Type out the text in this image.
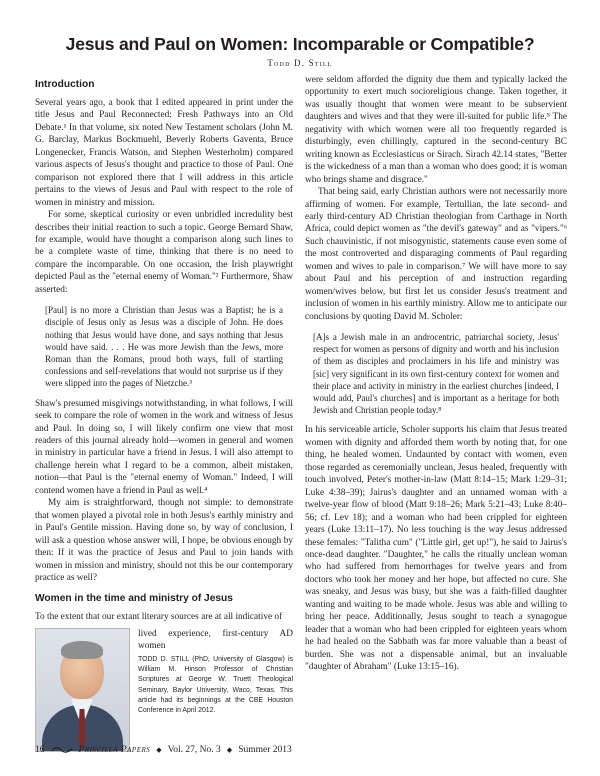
Jesus and Paul on Women: Incomparable or Compatible?
Todd D. Still
Introduction

Several years ago, a book that I edited appeared in print under the title Jesus and Paul Reconnected: Fresh Pathways into an Old Debate.¹ In that volume, six noted New Testament scholars (John M. G. Barclay, Markus Bockmuehl, Beverly Roberts Gaventa, Bruce Longenecker, Francis Watson, and Stephen Westerholm) compared various aspects of Jesus's thought and practice to those of Paul. One comparison not explored there that I will address in this article pertains to the views of Jesus and Paul with respect to the role of women in ministry and mission.

For some, skeptical curiosity or even unbridled incredulity best describes their initial reaction to such a topic. George Bernard Shaw, for example, would have thought a comparison along such lines to be a complete waste of time, thinking that there is no need to compare the incomparable. On one occasion, the Irish playwright depicted Paul as the "eternal enemy of Woman."² Furthermore, Shaw asserted:

[Paul] is no more a Christian than Jesus was a Baptist; he is a disciple of Jesus only as Jesus was a disciple of John. He does nothing that Jesus would have done, and says nothing that Jesus would have said. . . . He was more Jewish than the Jews, more Roman than the Romans, proud both ways, full of startling confessions and self-revelations that would not surprise us if they were slipped into the pages of Nietzche.³

Shaw's presumed misgivings notwithstanding, in what follows, I will seek to compare the role of women in the work and witness of Jesus and Paul. In doing so, I will likely confirm one view that most readers of this journal already hold—women in general and women in ministry in particular have a friend in Jesus. I will also attempt to challenge herein what I regard to be a common, albeit mistaken, notion—that Paul is the "eternal enemy of Woman." Indeed, I will contend women have a friend in Paul as well.⁴

My aim is straightforward, though not simple: to demonstrate that women played a pivotal role in both Jesus's earthly ministry and in Paul's Gentile mission. Having done so, by way of conclusion, I will ask a question whose answer will, I hope, be obvious enough by then: If it was the practice of Jesus and Paul to join hands with women in mission and ministry, should not this be our contemporary practice as well?

Women in the time and ministry of Jesus

To the extent that our extant literary sources are at all indicative of

lived experience, first-century AD women

TODD D. STILL (PhD, University of Glasgow) is William M. Hinson Professor of Christian Scriptures at George W. Truett Theological Seminary, Baylor University, Waco, Texas. This article had its beginnings at the CBE Houston Conference in April 2012.

were seldom afforded the dignity due them and typically lacked the opportunity to exert much socioreligious change. Taken together, it was usually thought that women were meant to be subservient daughters and wives and that they were ill-suited for public life.⁵ The negativity with which women were all too frequently regarded is disturbingly, even chillingly, captured in the second-century BC writing known as Ecclesiasticus or Sirach. Sirach 42.14 states, "Better is the wickedness of a man than a woman who does good; it is woman who brings shame and disgrace."

That being said, early Christian authors were not necessarily more affirming of women. For example, Tertullian, the late second- and early third-century AD Christian theologian from Carthage in North Africa, could depict women as "the devil's gateway" and as "vipers."⁶ Such chauvinistic, if not misogynistic, statements cause even some of the most controverted and disparaging comments of Paul regarding women and wives to pale in comparison.⁷ We will have more to say about Paul and his perception of and instruction regarding women/wives below, but first let us consider Jesus's treatment and inclusion of women in his earthly ministry. Allow me to anticipate our conclusions by quoting David M. Scholer:

[A]s a Jewish male in an androcentric, patriarchal society, Jesus' respect for women as persons of dignity and worth and his inclusion of them as disciples and proclaimers in his life and ministry was [sic] very significant in its own first-century context for women and their place and activity in ministry in the earliest churches [indeed, I would add, Paul's churches] and is important as a heritage for both Jewish and Christian people today.⁸

In his serviceable article, Scholer supports his claim that Jesus treated women with dignity and afforded them worth by noting that, for one thing, he healed women. Undaunted by contact with women, even those regarded as ceremonially unclean, Jesus healed, frequently with touch involved, Peter's mother-in-law (Matt 8:14–15; Mark 1:29–31; Luke 4:38–39); Jairus's daughter and an unnamed woman with a twelve-year flow of blood (Matt 9:18–26; Mark 5:21–43; Luke 8:40–56; cf. Lev 18); and a woman who had been crippled for eighteen years (Luke 13:11–17). No less touching is the way Jesus addressed these females: "Talitha cum" ("Little girl, get up!"), he said to Jairus's once-dead daughter. "Daughter," he calls the ritually unclean woman who had suffered from hemorrhages for twelve years and from doctors who took her money and her hope, but affected no cure. She was sneaky, and Jesus was busy, but she was a faith-filled daughter wanting and waiting to be made whole. Jesus was able and willing to bring her peace. Additionally, Jesus sought to teach a synagogue leader that a woman who had been crippled for eighteen years whom he had healed on the Sabbath was far more valuable than a beast of burden. She was not a dispensable animal, but an invaluable "daughter of Abraham" (Luke 13:15–16).

16	Priscilla Papers ◆ Vol. 27, No. 3 ◆ Summer 2013
